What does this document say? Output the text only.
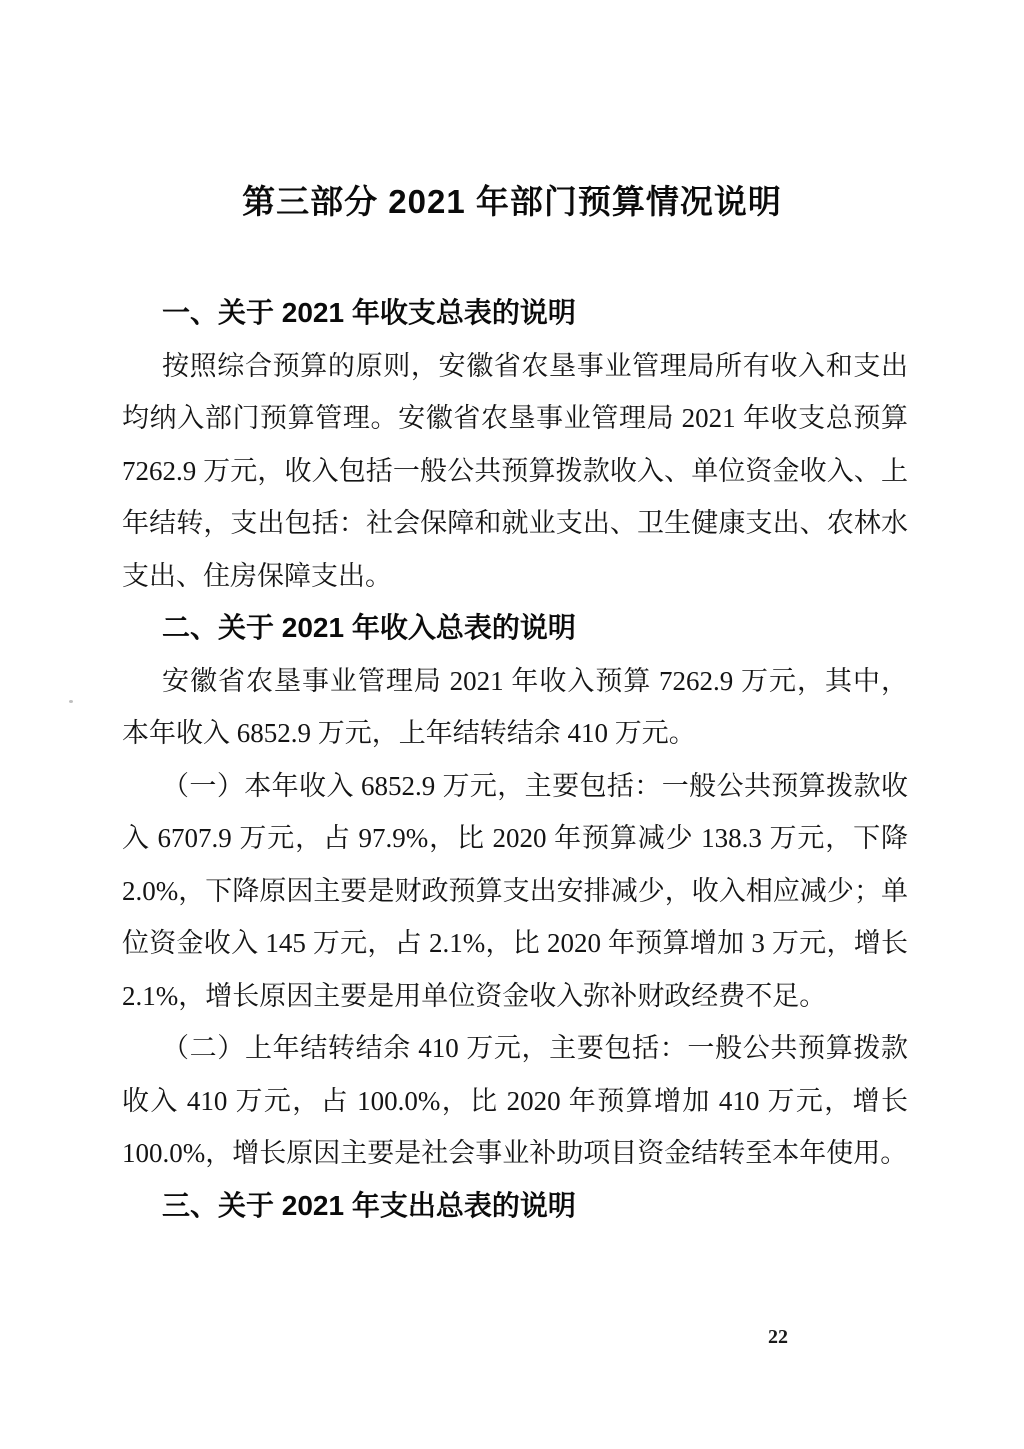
第三部分 2021 年部门预算情况说明
一、关于 2021 年收支总表的说明

按照综合预算的原则，安徽省农垦事业管理局所有收入和支出均纳入部门预算管理。安徽省农垦事业管理局 2021 年收支总预算 7262.9 万元，收入包括一般公共预算拨款收入、单位资金收入、上年结转，支出包括：社会保障和就业支出、卫生健康支出、农林水支出、住房保障支出。

二、关于 2021 年收入总表的说明

安徽省农垦事业管理局 2021 年收入预算 7262.9 万元，其中，本年收入 6852.9 万元，上年结转结余 410 万元。

（一）本年收入 6852.9 万元，主要包括：一般公共预算拨款收入 6707.9 万元，占 97.9%，比 2020 年预算减少 138.3 万元，下降 2.0%，下降原因主要是财政预算支出安排减少，收入相应减少；单位资金收入 145 万元，占 2.1%，比 2020 年预算增加 3 万元，增长 2.1%，增长原因主要是用单位资金收入弥补财政经费不足。

（二）上年结转结余 410 万元，主要包括：一般公共预算拨款收入 410 万元，占 100.0%，比 2020 年预算增加 410 万元，增长 100.0%，增长原因主要是社会事业补助项目资金结转至本年使用。

三、关于 2021 年支出总表的说明
22
